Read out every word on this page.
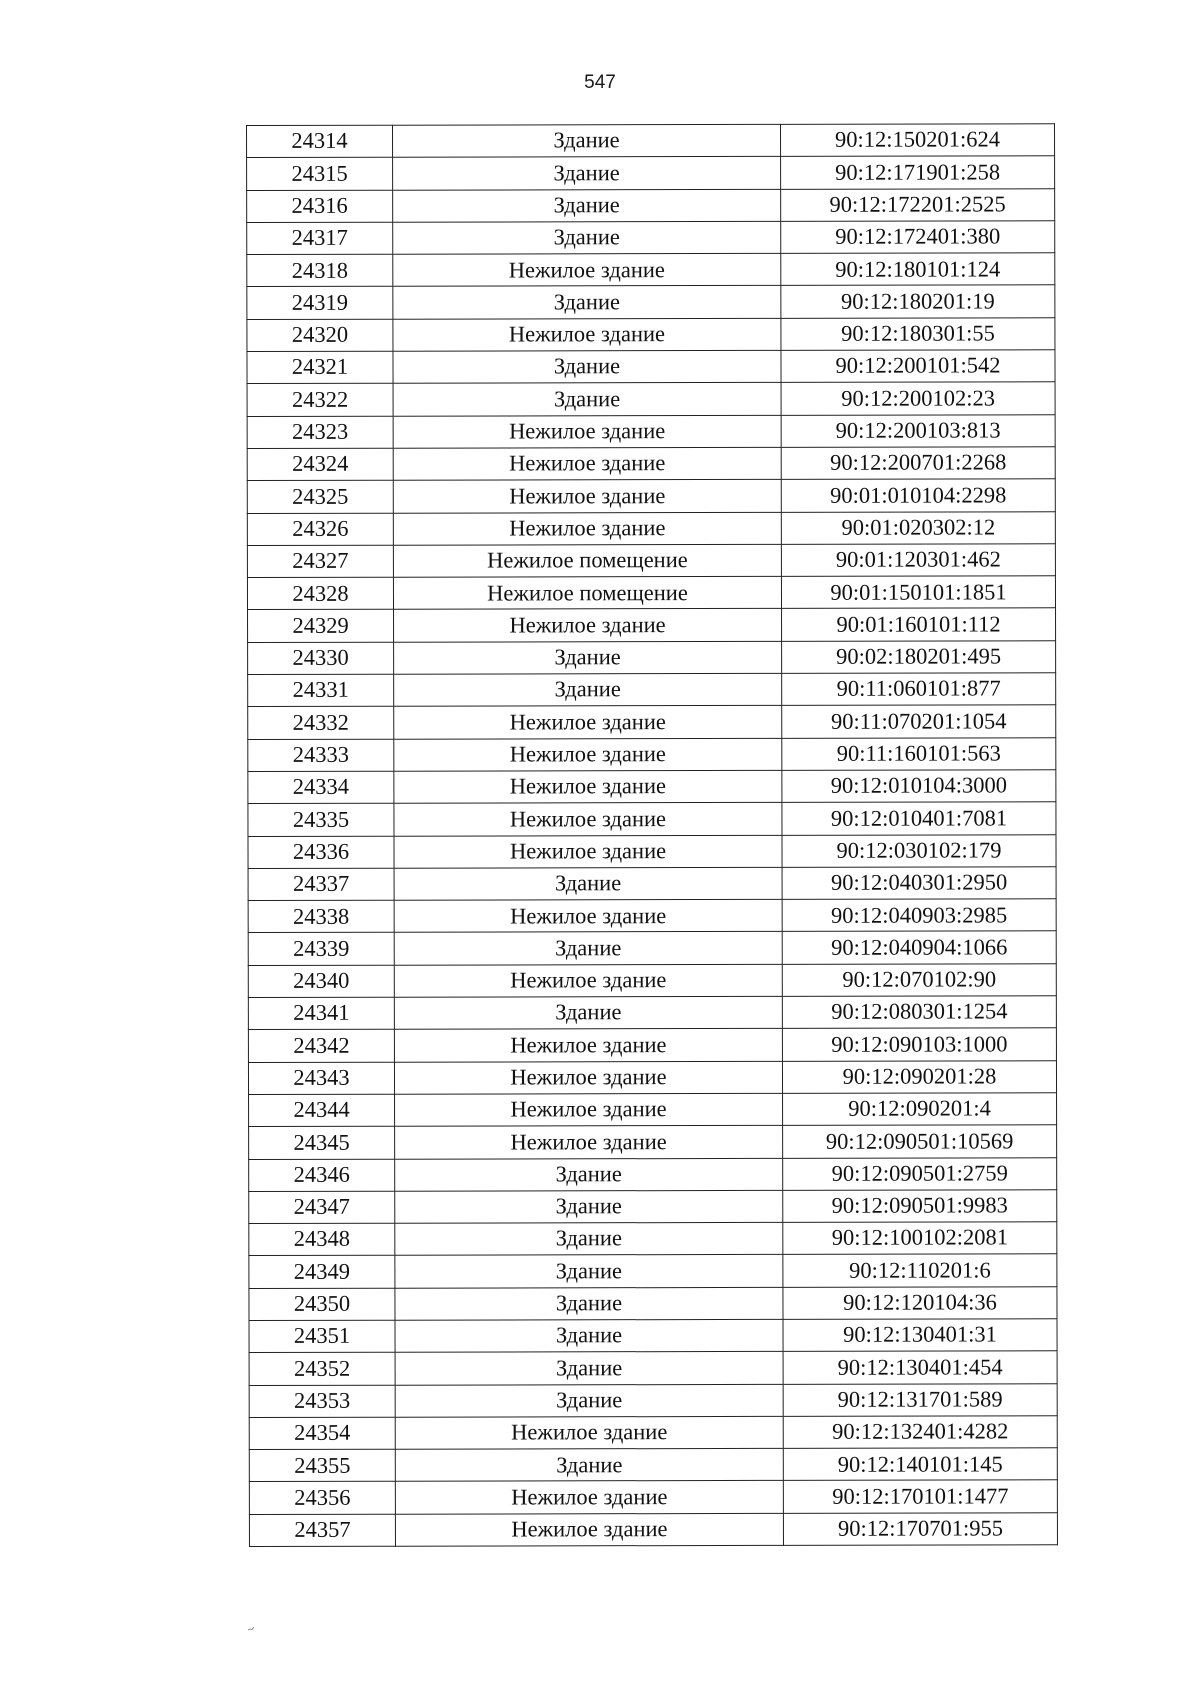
547
24314	Здание	90:12:150201:624
24315	Здание	90:12:171901:258
24316	Здание	90:12:172201:2525
24317	Здание	90:12:172401:380
24318	Нежилое здание	90:12:180101:124
24319	Здание	90:12:180201:19
24320	Нежилое здание	90:12:180301:55
24321	Здание	90:12:200101:542
24322	Здание	90:12:200102:23
24323	Нежилое здание	90:12:200103:813
24324	Нежилое здание	90:12:200701:2268
24325	Нежилое здание	90:01:010104:2298
24326	Нежилое здание	90:01:020302:12
24327	Нежилое помещение	90:01:120301:462
24328	Нежилое помещение	90:01:150101:1851
24329	Нежилое здание	90:01:160101:112
24330	Здание	90:02:180201:495
24331	Здание	90:11:060101:877
24332	Нежилое здание	90:11:070201:1054
24333	Нежилое здание	90:11:160101:563
24334	Нежилое здание	90:12:010104:3000
24335	Нежилое здание	90:12:010401:7081
24336	Нежилое здание	90:12:030102:179
24337	Здание	90:12:040301:2950
24338	Нежилое здание	90:12:040903:2985
24339	Здание	90:12:040904:1066
24340	Нежилое здание	90:12:070102:90
24341	Здание	90:12:080301:1254
24342	Нежилое здание	90:12:090103:1000
24343	Нежилое здание	90:12:090201:28
24344	Нежилое здание	90:12:090201:4
24345	Нежилое здание	90:12:090501:10569
24346	Здание	90:12:090501:2759
24347	Здание	90:12:090501:9983
24348	Здание	90:12:100102:2081
24349	Здание	90:12:110201:6
24350	Здание	90:12:120104:36
24351	Здание	90:12:130401:31
24352	Здание	90:12:130401:454
24353	Здание	90:12:131701:589
24354	Нежилое здание	90:12:132401:4282
24355	Здание	90:12:140101:145
24356	Нежилое здание	90:12:170101:1477
24357	Нежилое здание	90:12:170701:955
